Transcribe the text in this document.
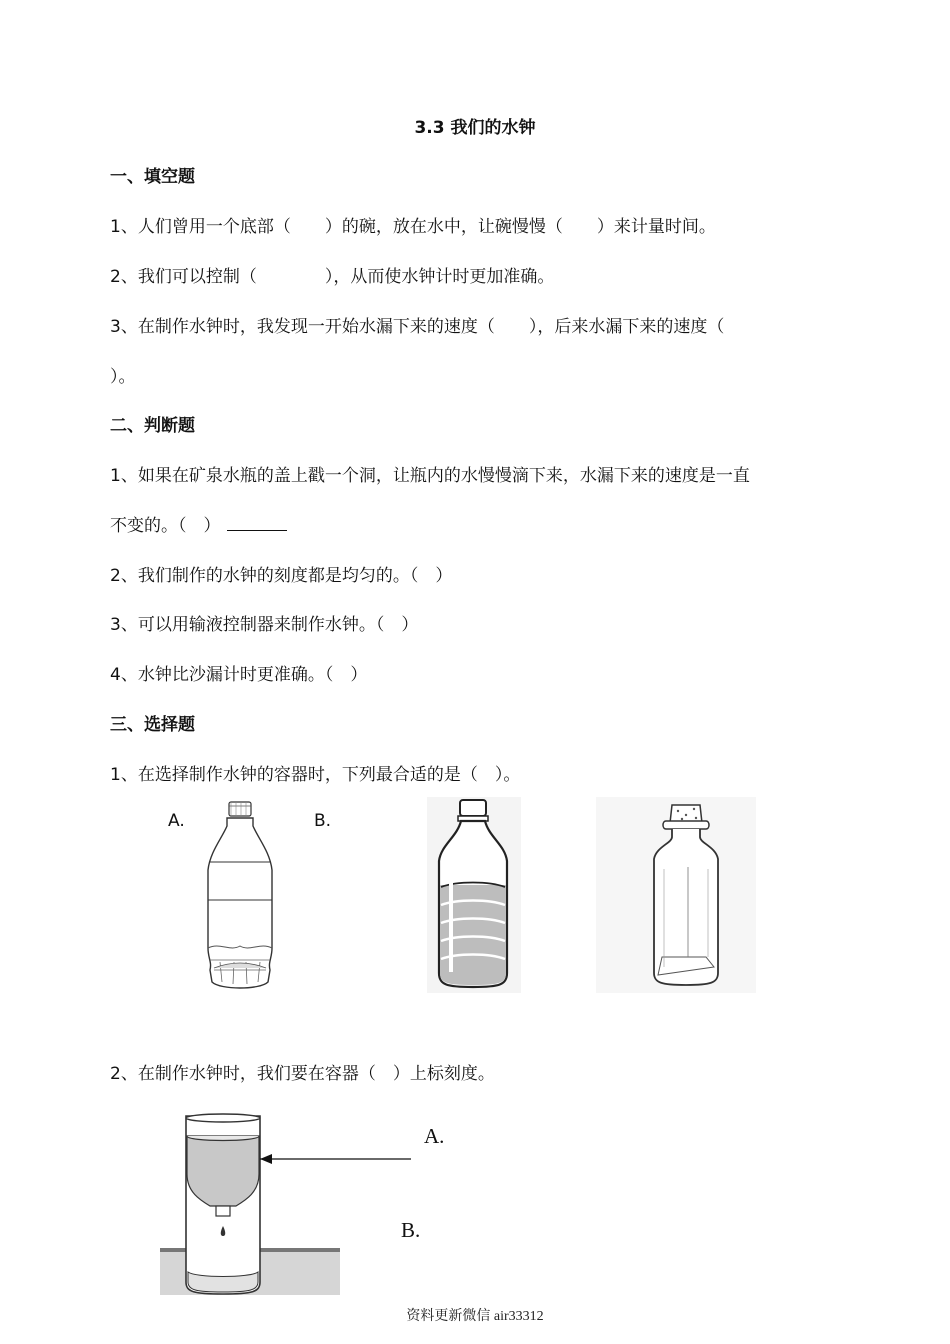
3.3 我们的水钟
一、填空题
1、人们曾用一个底部（　　）的碗，放在水中，让碗慢慢（　　）来计量时间。
2、我们可以控制（　　　　），从而使水钟计时更加准确。
3、在制作水钟时，我发现一开始水漏下来的速度（　　），后来水漏下来的速度（
）。
二、判断题
1、如果在矿泉水瓶的盖上戳一个洞，让瓶内的水慢慢滴下来，水漏下来的速度是一直
不变的。（　）
2、我们制作的水钟的刻度都是均匀的。（　）
3、可以用输液控制器来制作水钟。（　）
4、水钟比沙漏计时更准确。（　）
三、选择题
1、在选择制作水钟的容器时，下列最合适的是（　）。
A.	B.
2、在制作水钟时，我们要在容器（　）上标刻度。
A.
B.
资料更新微信 air33312
